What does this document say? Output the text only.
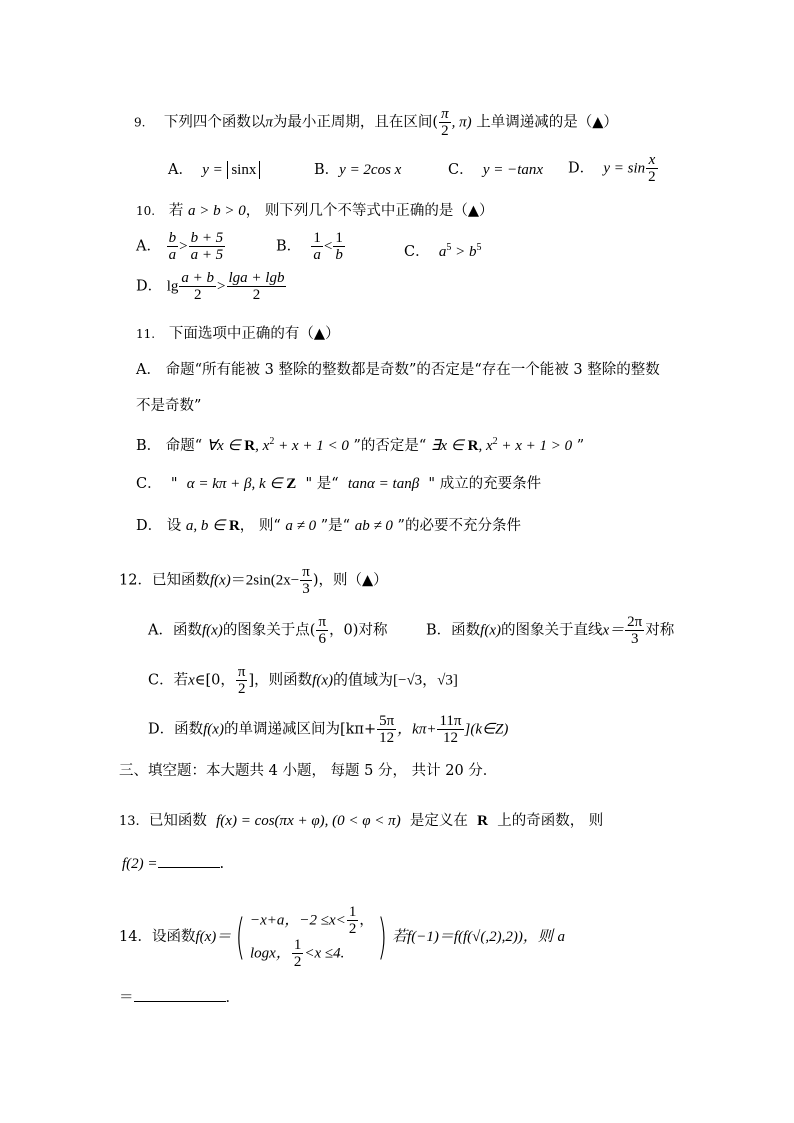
9. 下列四个函数以π为最小正周期，且在区间( $\frac{\pi}{2}$ , π) 上单调递减的是（▲）
A． y = sinx	B．y = 2cos x	C． y = −tanx D． $y = \sin \frac{x}{2}$
10. 若 a > b > 0， 则下列几个不等式中正确的是（▲）
A． $\frac{b}{a} > \frac{b + 5}{a + 5}$	B． $\frac{1}{a} < \frac{1}{b}$	C． $a^5 > b^5$
D． $\lg \frac{a + b}{2} > \frac{\lg a + \lg b}{2}$
11. 下面选项中正确的有（▲）
A． 命题“所有能被 3 整除的整数都是奇数”的否定是“存在一个能被 3 整除的整数
不是奇数”
B． 命题“ ∀x ∈ R, $x^2 + x + 1 < 0$ ”的否定是“ ∃x ∈ R, $x^2 + x + 1 > 0$ ”
C． " α = kπ + β, k ∈ Z " 是“ tanα = tanβ " 成立的充要条件
D． 设 a, b ∈ R， 则“ a ≠ 0 ”是“ ab ≠ 0 ”的必要不充分条件
12．已知函数$f(x)=2\sin(2x- \frac{\pi}{3}$ )，则（▲）
A．函数f(x)的图象关于点( $\frac{\pi}{6}$ ，0)对称	B．函数f(x)的图象关于直线$x= \frac{2\pi}{3}$ 对称
C．若x∈[0， $\frac{\pi}{2}$ ]，则函数f(x)的值域为[−√3，√3]
D．函数f(x)的单调递减区间为[$k\pi+ \frac{5\pi}{12}$ ，$k\pi+ \frac{11\pi}{12}$ ](k∈Z)
三、填空题：本大题共 4 小题， 每题 5 分， 共计 20 分．
13. 已知函数 f(x) = cos(πx + φ), (0 < φ < π) 是定义在 R 上的奇函数， 则
f(2) =	.
14．设函数f(x)＝( −x+a，$-2 \le x< \frac{1}{2}$ ，
logx， $\frac{1}{2} <x \le 4$. ) 若f(−1)＝f(f(√(,2),2))，则 a
＝	．
